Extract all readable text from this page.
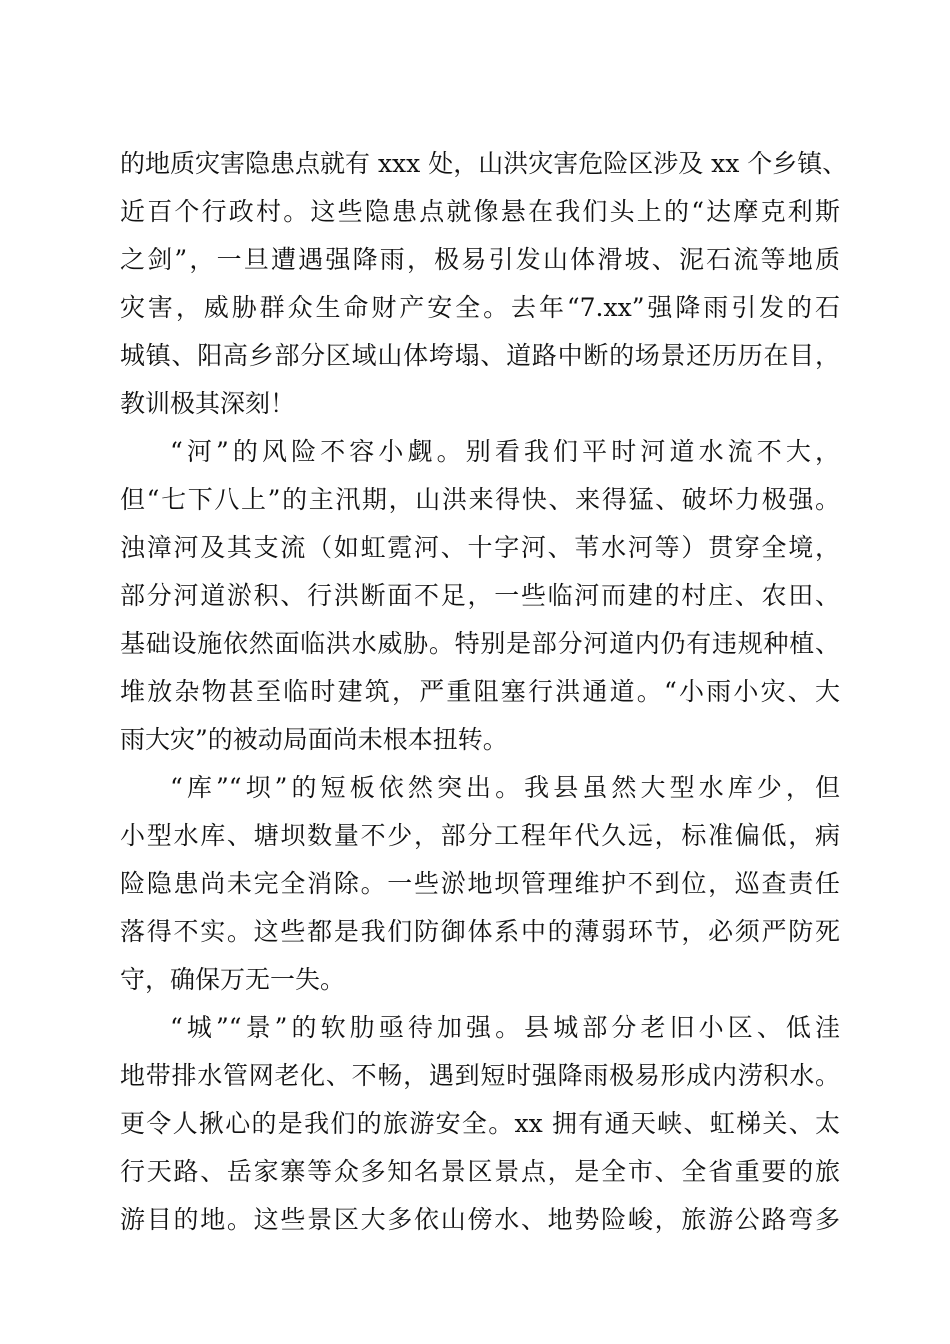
的地质灾害隐患点就有 xxx 处，山洪灾害危险区涉及 xx 个乡镇、
近百个行政村。这些隐患点就像悬在我们头上的“达摩克利斯
之剑”，一旦遭遇强降雨，极易引发山体滑坡、泥石流等地质
灾害，威胁群众生命财产安全。去年“7.xx”强降雨引发的石
城镇、阳高乡部分区域山体垮塌、道路中断的场景还历历在目，
教训极其深刻！
“河”的风险不容小觑。别看我们平时河道水流不大，
但“七下八上”的主汛期，山洪来得快、来得猛、破坏力极强。
浊漳河及其支流（如虹霓河、十字河、苇水河等）贯穿全境，
部分河道淤积、行洪断面不足，一些临河而建的村庄、农田、
基础设施依然面临洪水威胁。特别是部分河道内仍有违规种植、
堆放杂物甚至临时建筑，严重阻塞行洪通道。“小雨小灾、大
雨大灾”的被动局面尚未根本扭转。
“库”“坝”的短板依然突出。我县虽然大型水库少，但
小型水库、塘坝数量不少，部分工程年代久远，标准偏低，病
险隐患尚未完全消除。一些淤地坝管理维护不到位，巡查责任
落得不实。这些都是我们防御体系中的薄弱环节，必须严防死
守，确保万无一失。
“城”“景”的软肋亟待加强。县城部分老旧小区、低洼
地带排水管网老化、不畅，遇到短时强降雨极易形成内涝积水。
更令人揪心的是我们的旅游安全。xx 拥有通天峡、虹梯关、太
行天路、岳家寨等众多知名景区景点，是全市、全省重要的旅
游目的地。这些景区大多依山傍水、地势险峻，旅游公路弯多
